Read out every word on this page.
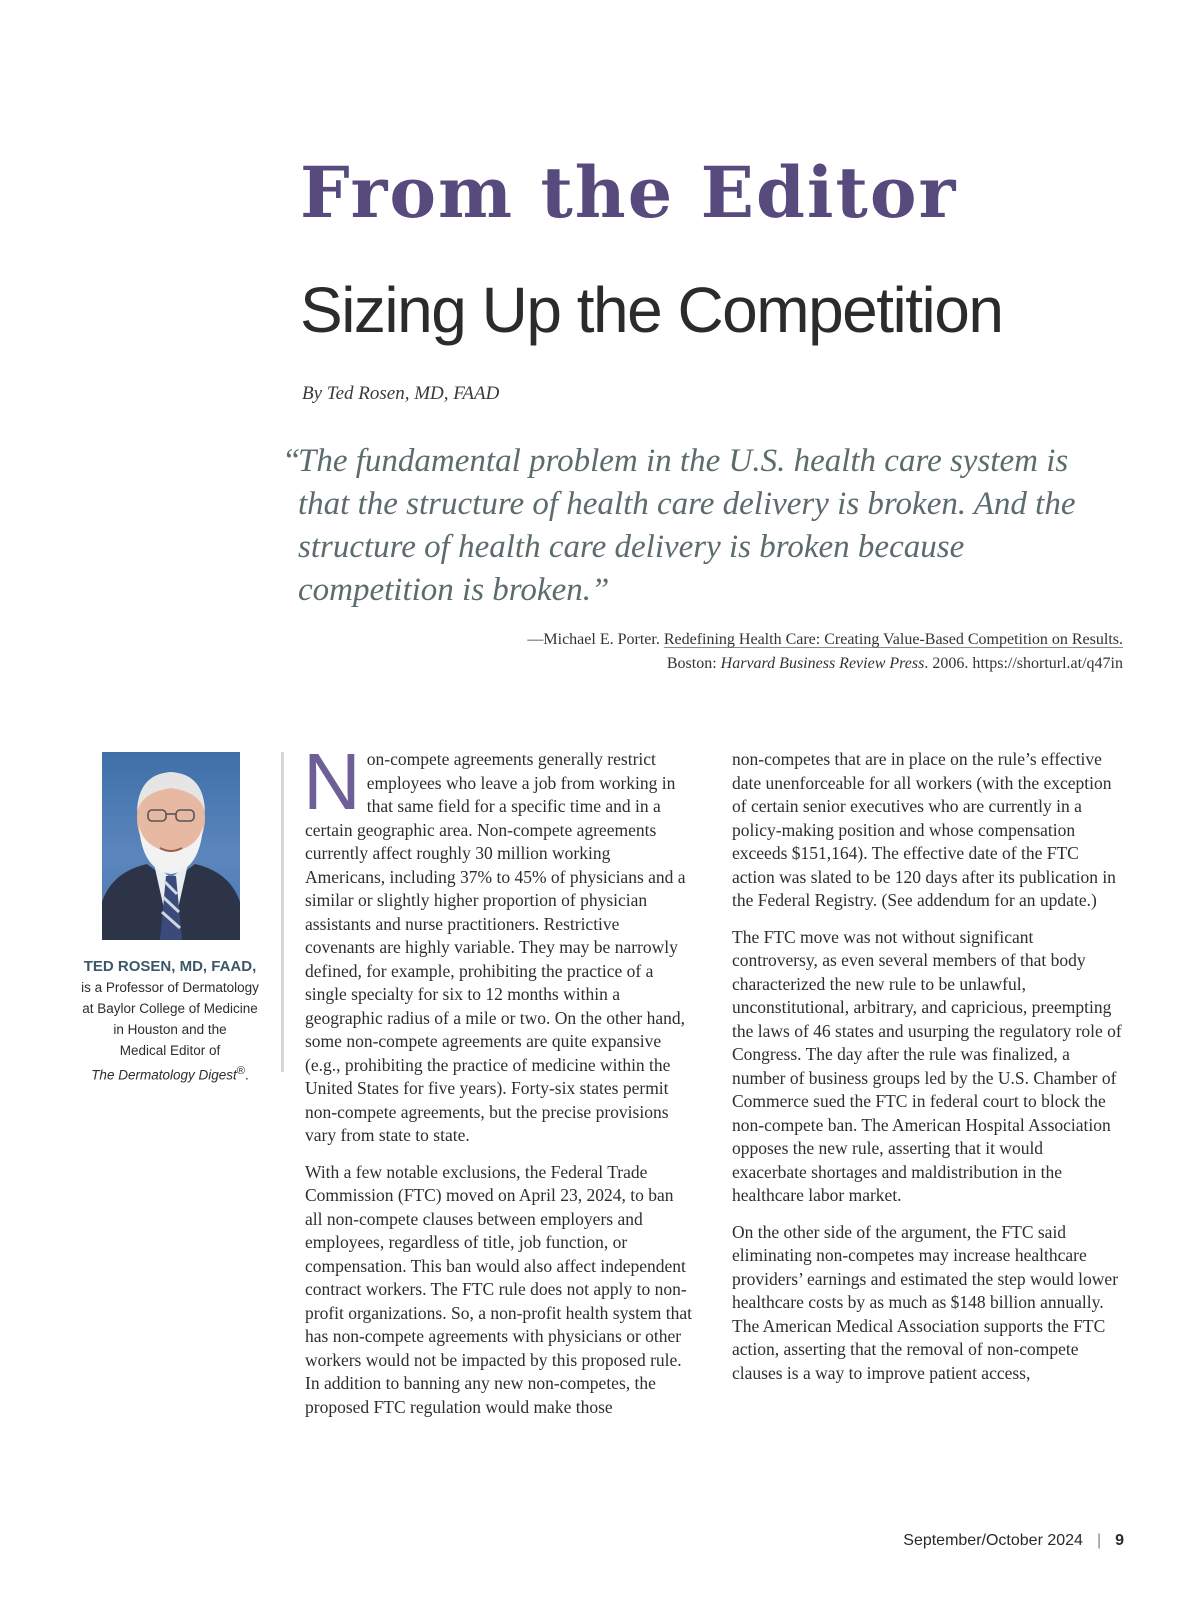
From the Editor
Sizing Up the Competition
By Ted Rosen, MD, FAAD
“
The fundamental problem in the U.S. health care system is that the structure of health care delivery is broken. And the structure of health care delivery is broken because competition is broken.”
—Michael E. Porter. Redefining Health Care: Creating Value-Based Competition on Results.
Boston: Harvard Business Review Press. 2006. https://shorturl.at/q47in
TED ROSEN, MD, FAAD,
is a Professor of Dermatology
at Baylor College of Medicine
in Houston and the
Medical Editor of
The Dermatology Digest®.

Non-compete agreements generally restrict employees who leave a job from working in that same field for a specific time and in a certain geographic area. Non-compete agreements currently affect roughly 30 million working Americans, including 37% to 45% of physicians and a similar or slightly higher proportion of physician assistants and nurse practitioners. Restrictive covenants are highly variable. They may be narrowly defined, for example, prohibiting the practice of a single specialty for six to 12 months within a geographic radius of a mile or two. On the other hand, some non-compete agreements are quite expansive (e.g., prohibiting the practice of medicine within the United States for five years). Forty-six states permit non-compete agreements, but the precise provisions vary from state to state.

With a few notable exclusions, the Federal Trade Commission (FTC) moved on April 23, 2024, to ban all non-compete clauses between employers and employees, regardless of title, job function, or compensation. This ban would also affect independent contract workers. The FTC rule does not apply to non-profit organizations. So, a non-profit health system that has non-compete agreements with physicians or other workers would not be impacted by this proposed rule. In addition to banning any new non-competes, the proposed FTC regulation would make those

non-competes that are in place on the rule’s effective date unenforceable for all workers (with the exception of certain senior executives who are currently in a policy-making position and whose compensation exceeds $151,164). The effective date of the FTC action was slated to be 120 days after its publication in the Federal Registry. (See addendum for an update.)

The FTC move was not without significant controversy, as even several members of that body characterized the new rule to be unlawful, unconstitutional, arbitrary, and capricious, preempting the laws of 46 states and usurping the regulatory role of Congress. The day after the rule was finalized, a number of business groups led by the U.S. Chamber of Commerce sued the FTC in federal court to block the non-compete ban. The American Hospital Association opposes the new rule, asserting that it would exacerbate shortages and maldistribution in the healthcare labor market.

On the other side of the argument, the FTC said eliminating non-competes may increase healthcare providers’ earnings and estimated the step would lower healthcare costs by as much as $148 billion annually. The American Medical Association supports the FTC action, asserting that the removal of non-compete clauses is a way to improve patient access,

September/October 2024 | 9
